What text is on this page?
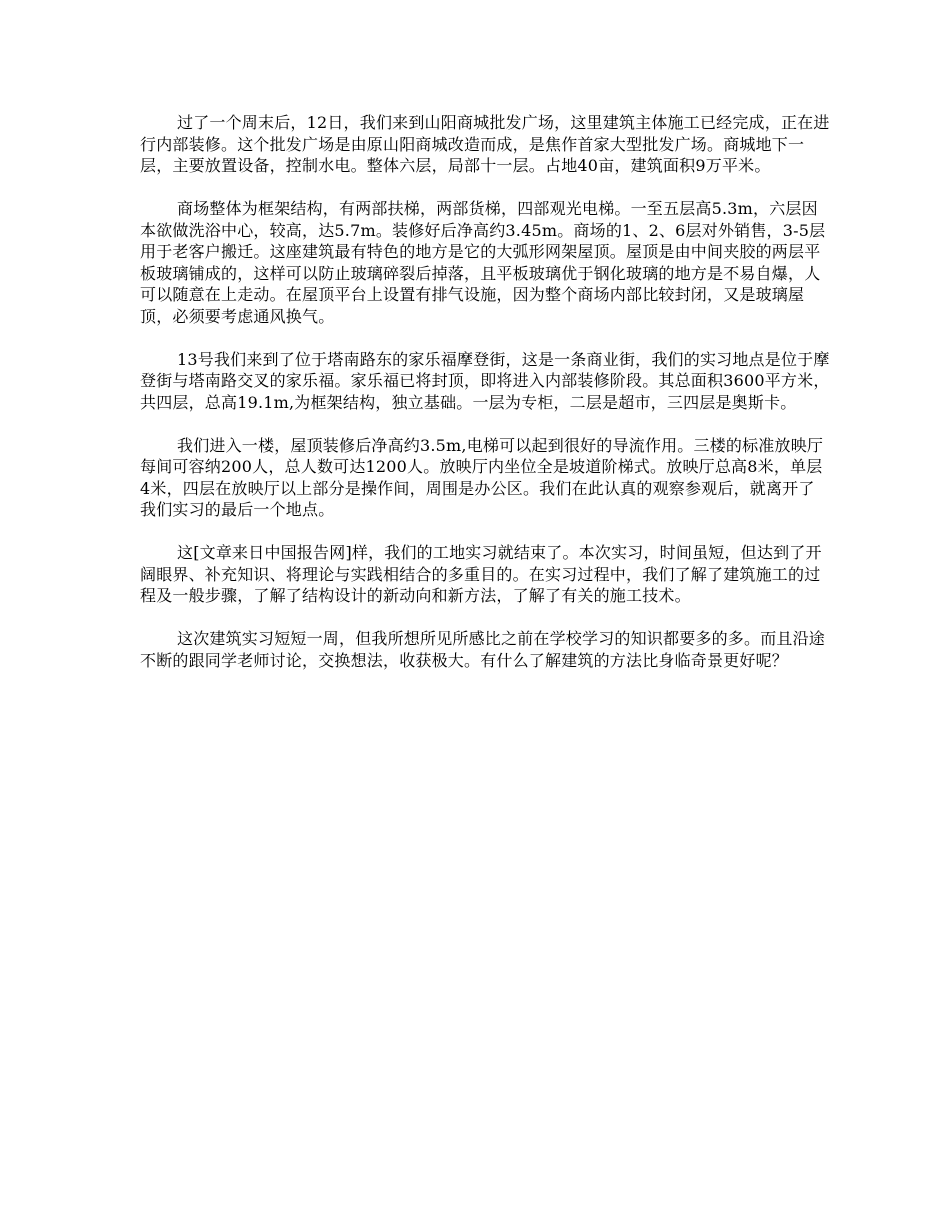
过了一个周末后，12日，我们来到山阳商城批发广场，这里建筑主体施工已经完成，正在进行内部装修。这个批发广场是由原山阳商城改造而成，是焦作首家大型批发广场。商城地下一层，主要放置设备，控制水电。整体六层，局部十一层。占地40亩，建筑面积9万平米。

商场整体为框架结构，有两部扶梯，两部货梯，四部观光电梯。一至五层高5.3m，六层因本欲做洗浴中心，较高，达5.7m。装修好后净高约3.45m。商场的1、2、6层对外销售，3-5层用于老客户搬迁。这座建筑最有特色的地方是它的大弧形网架屋顶。屋顶是由中间夹胶的两层平板玻璃铺成的，这样可以防止玻璃碎裂后掉落，且平板玻璃优于钢化玻璃的地方是不易自爆，人可以随意在上走动。在屋顶平台上设置有排气设施，因为整个商场内部比较封闭，又是玻璃屋顶，必须要考虑通风换气。

13号我们来到了位于塔南路东的家乐福摩登街，这是一条商业街，我们的实习地点是位于摩登街与塔南路交叉的家乐福。家乐福已将封顶，即将进入内部装修阶段。其总面积3600平方米，共四层，总高19.1m,为框架结构，独立基础。一层为专柜，二层是超市，三四层是奥斯卡。

我们进入一楼，屋顶装修后净高约3.5m,电梯可以起到很好的导流作用。三楼的标准放映厅每间可容纳200人，总人数可达1200人。放映厅内坐位全是坡道阶梯式。放映厅总高8米，单层4米，四层在放映厅以上部分是操作间，周围是办公区。我们在此认真的观察参观后，就离开了我们实习的最后一个地点。

这[文章来日中国报告网]样，我们的工地实习就结束了。本次实习，时间虽短，但达到了开阔眼界、补充知识、将理论与实践相结合的多重目的。在实习过程中，我们了解了建筑施工的过程及一般步骤，了解了结构设计的新动向和新方法，了解了有关的施工技术。

这次建筑实习短短一周，但我所想所见所感比之前在学校学习的知识都要多的多。而且沿途不断的跟同学老师讨论，交换想法，收获极大。有什么了解建筑的方法比身临奇景更好呢？
